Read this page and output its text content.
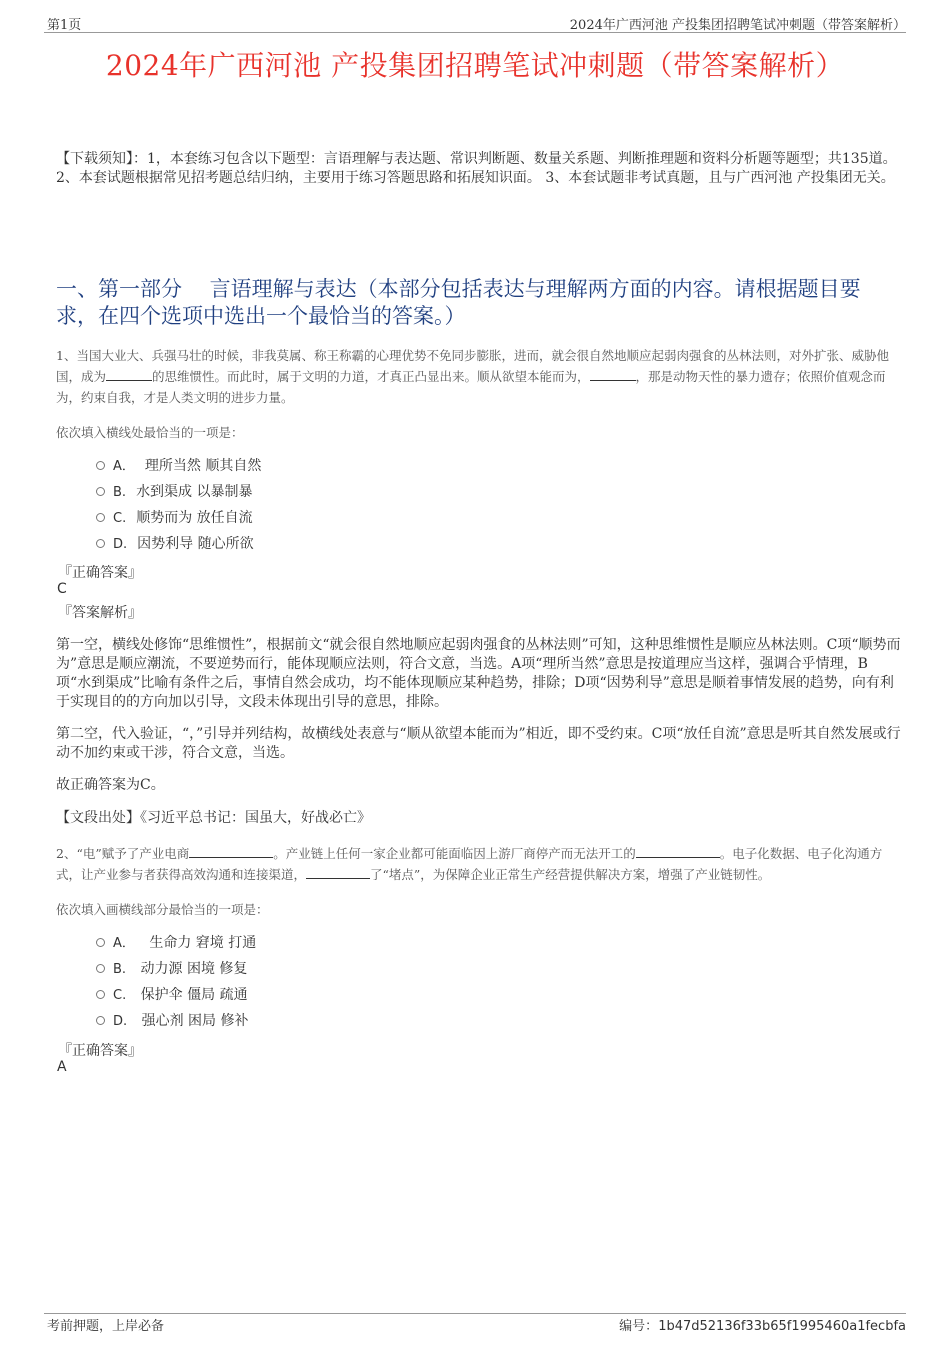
第1页	2024年广西河池 产投集团招聘笔试冲刺题（带答案解析）
2024年广西河池 产投集团招聘笔试冲刺题（带答案解析）
【下载须知】：1，本套练习包含以下题型：言语理解与表达题、常识判断题、数量关系题、判断推理题和资料分析题等题型；共135道。 2、本套试题根据常见招考题总结归纳，主要用于练习答题思路和拓展知识面。 3、本套试题非考试真题，且与广西河池 产投集团无关。
一、第一部分　 言语理解与表达（本部分包括表达与理解两方面的内容。请根据题目要求，在四个选项中选出一个最恰当的答案。）
1、当国大业大、兵强马壮的时候，非我莫属、称王称霸的心理优势不免同步膨胀，进而，就会很自然地顺应起弱肉强食的丛林法则，对外扩张、威胁他国，成为	的思维惯性。而此时，属于文明的力道，才真正凸显出来。顺从欲望本能而为，	，那是动物天性的暴力遗存；依照价值观念而为，约束自我，才是人类文明的进步力量。
依次填入横线处最恰当的一项是：
A． 理所当然 顺其自然
B. 水到渠成 以暴制暴
C. 顺势而为 放任自流
D. 因势利导 随心所欲
『正确答案』
C
『答案解析』
第一空，横线处修饰“思维惯性”，根据前文“就会很自然地顺应起弱肉强食的丛林法则”可知，这种思维惯性是顺应丛林法则。C项“顺势而为”意思是顺应潮流，不要逆势而行，能体现顺应法则，符合文意，当选。A项“理所当然”意思是按道理应当这样，强调合乎情理，B项“水到渠成”比喻有条件之后，事情自然会成功，均不能体现顺应某种趋势，排除；D项“因势利导”意思是顺着事情发展的趋势，向有利于实现目的的方向加以引导，文段未体现出引导的意思，排除。
第二空，代入验证，“，”引导并列结构，故横线处表意与“顺从欲望本能而为”相近，即不受约束。C项“放任自流”意思是听其自然发展或行动不加约束或干涉，符合文意，当选。
故正确答案为C。
【文段出处】《习近平总书记：国虽大，好战必亡》
2、“电”赋予了产业电商	。产业链上任何一家企业都可能面临因上游厂商停产而无法开工的	。电子化数据、电子化沟通方式，让产业参与者获得高效沟通和连接渠道，	了“堵点”，为保障企业正常生产经营提供解决方案，增强了产业链韧性。
依次填入画横线部分最恰当的一项是：
A． 生命力 窘境 打通
B. 动力源 困境 修复
C. 保护伞 僵局 疏通
D. 强心剂 困局 修补
『正确答案』
A
考前押题，上岸必备	编号：1b47d52136f33b65f1995460a1fecbfa
